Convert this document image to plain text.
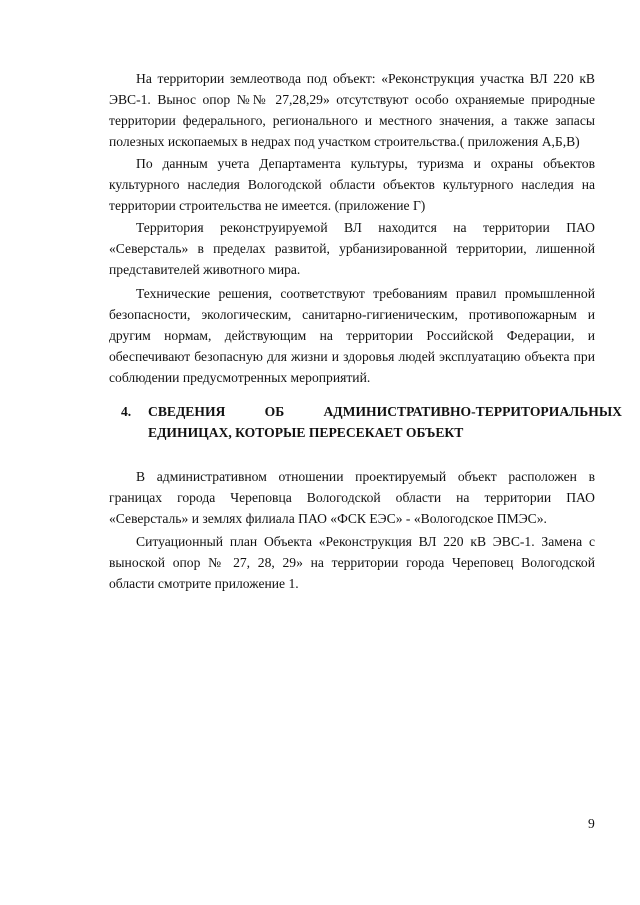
На территории землеотвода под объект: «Реконструкция участка ВЛ 220 кВ ЭВС-1. Вынос опор №№ 27,28,29» отсутствуют особо охраняемые природные территории федерального, регионального и местного значения, а также запасы полезных ископаемых в недрах под участком строительства.( приложения А,Б,В)

По данным учета Департамента культуры, туризма и охраны объектов культурного наследия Вологодской области объектов культурного наследия на территории строительства не имеется. (приложение Г)

Территория реконструируемой ВЛ находится на территории ПАО «Северсталь» в пределах развитой, урбанизированной территории, лишенной представителей животного мира.

Технические решения, соответствуют требованиям правил промышленной безопасности, экологическим, санитарно-гигиеническим, противопожарным и другим нормам, действующим на территории Российской Федерации, и обеспечивают безопасную для жизни и здоровья людей эксплуатацию объекта при соблюдении предусмотренных мероприятий.

4. СВЕДЕНИЯ ОБ АДМИНИСТРАТИВНО-ТЕРРИТОРИАЛЬНЫХ ЕДИНИЦАХ, КОТОРЫЕ ПЕРЕСЕКАЕТ ОБЪЕКТ

В административном отношении проектируемый объект расположен в границах города Череповца Вологодской области на территории ПАО «Северсталь» и землях филиала ПАО «ФСК ЕЭС» - «Вологодское ПМЭС».

Ситуационный план Объекта «Реконструкция ВЛ 220 кВ ЭВС-1. Замена с выноской опор № 27, 28, 29» на территории города Череповец Вологодской области смотрите приложение 1.

9
